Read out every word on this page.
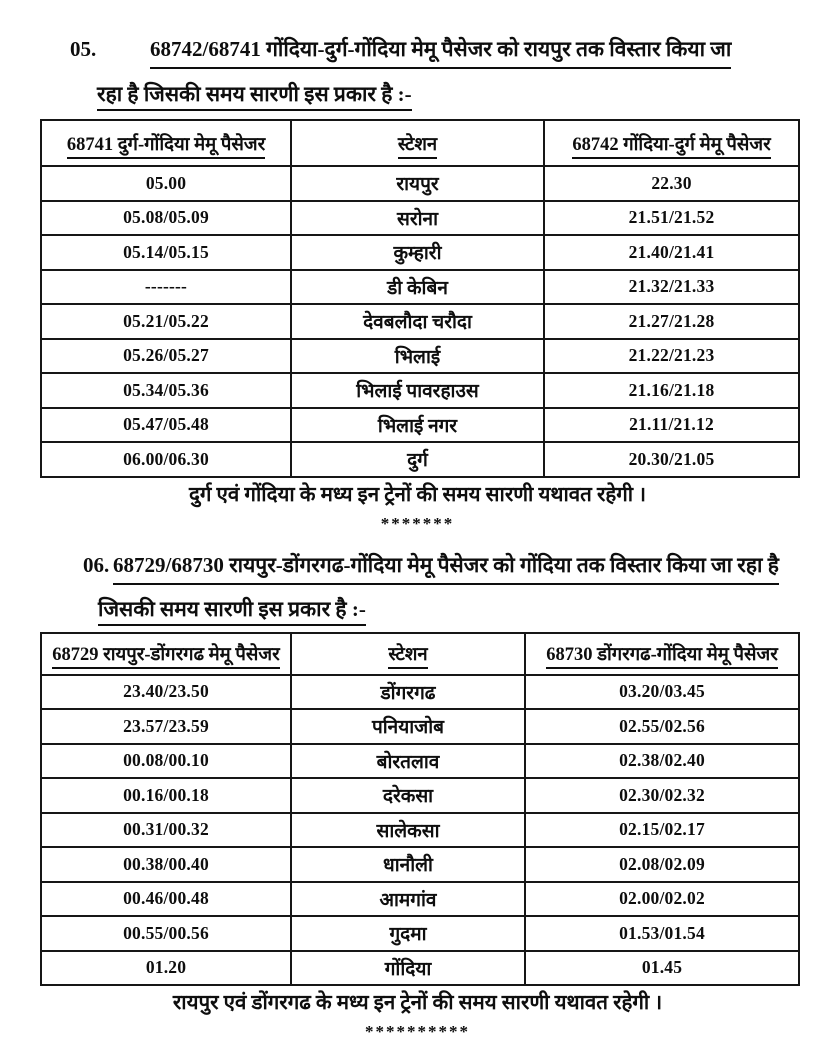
05.	68742/68741 गोंदिया-दुर्ग-गोंदिया मेमू पैसेजर को रायपुर तक विस्तार किया जा
रहा है जिसकी समय सारणी इस प्रकार है :-
68741 दुर्ग-गोंदिया मेमू पैसेजर	स्टेशन	68742 गोंदिया-दुर्ग मेमू पैसेजर
05.00	रायपुर	22.30
05.08/05.09	सरोना	21.51/21.52
05.14/05.15	कुम्हारी	21.40/21.41
-------	डी केबिन	21.32/21.33
05.21/05.22	देवबलौदा चरौदा	21.27/21.28
05.26/05.27	भिलाई	21.22/21.23
05.34/05.36	भिलाई पावरहाउस	21.16/21.18
05.47/05.48	भिलाई नगर	21.11/21.12
06.00/06.30	दुर्ग	20.30/21.05
दुर्ग एवं गोंदिया के मध्य इन ट्रेनों की समय सारणी यथावत रहेगी ।
*******
06. 68729/68730 रायपुर-डोंगरगढ-गोंदिया मेमू पैसेजर को गोंदिया तक विस्तार किया जा रहा है
जिसकी समय सारणी इस प्रकार है :-
68729 रायपुर-डोंगरगढ मेमू पैसेजर	स्टेशन	68730 डोंगरगढ-गोंदिया मेमू पैसेजर
23.40/23.50	डोंगरगढ	03.20/03.45
23.57/23.59	पनियाजोब	02.55/02.56
00.08/00.10	बोरतलाव	02.38/02.40
00.16/00.18	दरेकसा	02.30/02.32
00.31/00.32	सालेकसा	02.15/02.17
00.38/00.40	धानौली	02.08/02.09
00.46/00.48	आमगांव	02.00/02.02
00.55/00.56	गुदमा	01.53/01.54
01.20	गोंदिया	01.45
रायपुर एवं डोंगरगढ के मध्य इन ट्रेनों की समय सारणी यथावत रहेगी ।
**********
